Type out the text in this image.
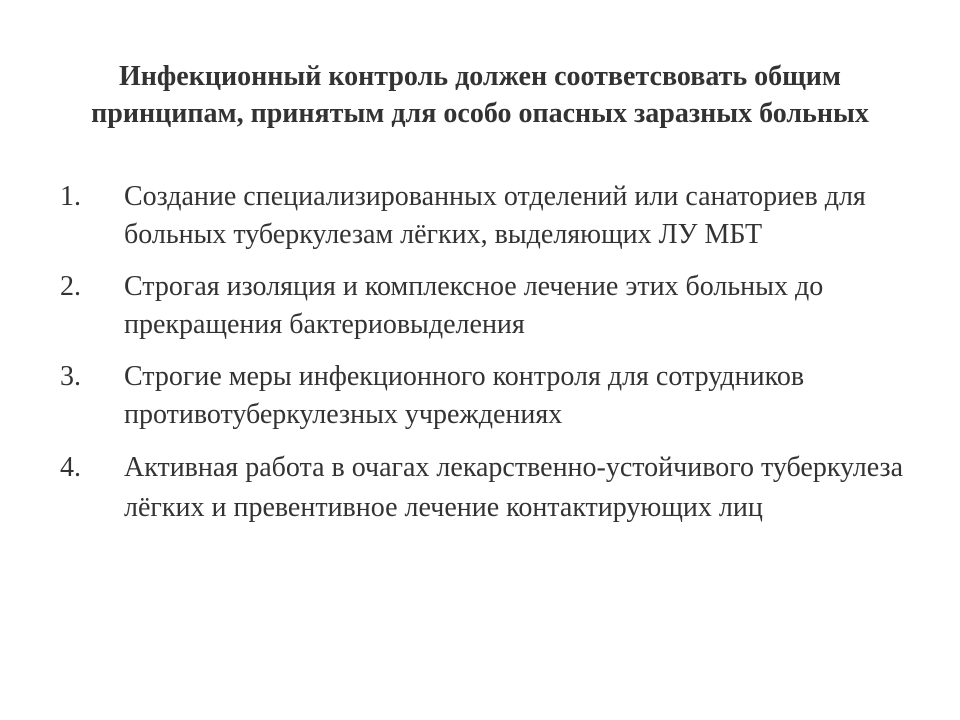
Инфекционный контроль должен соответсвовать общим принципам, принятым для особо опасных заразных больных
1.	Создание специализированных отделений или санаториев для больных туберкулезам лёгких, выделяющих ЛУ МБТ
2.	Строгая изоляция и комплексное лечение этих больных до прекращения бактериовыделения
3.	Строгие меры инфекционного контроля для сотрудников противотуберкулезных учреждениях
4.	Активная работа в очагах лекарственно-устойчивого туберкулеза лёгких и превентивное лечение контактирующих лиц
